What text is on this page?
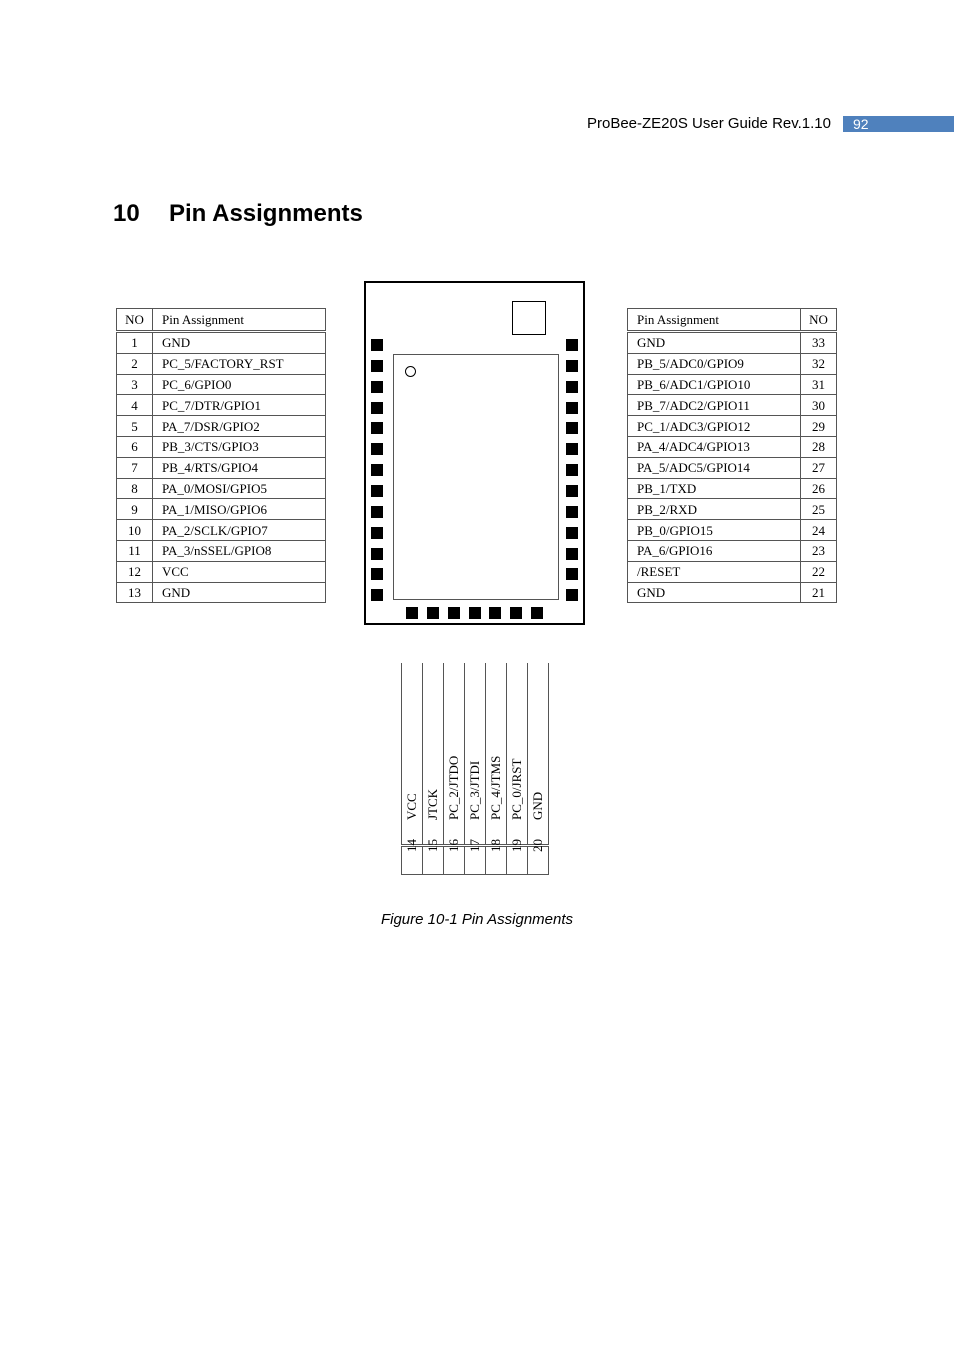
ProBee-ZE20S User Guide Rev.1.10	92
10 Pin Assignments
NO	Pin Assignment
1	GND
2	PC_5/FACTORY_RST
3	PC_6/GPIO0
4	PC_7/DTR/GPIO1
5	PA_7/DSR/GPIO2
6	PB_3/CTS/GPIO3
7	PB_4/RTS/GPIO4
8	PA_0/MOSI/GPIO5
9	PA_1/MISO/GPIO6
10	PA_2/SCLK/GPIO7
11	PA_3/nSSEL/GPIO8
12	VCC
13	GND
Pin Assignment	NO
GND	33
PB_5/ADC0/GPIO9	32
PB_6/ADC1/GPIO10	31
PB_7/ADC2/GPIO11	30
PC_1/ADC3/GPIO12	29
PA_4/ADC4/GPIO13	28
PA_5/ADC5/GPIO14	27
PB_1/TXD	26
PB_2/RXD	25
PB_0/GPIO15	24
PA_6/GPIO16	23
/RESET	22
GND	21
VCC	JTCK	PC_2/JTDO	PC_3/JTDI	PC_4/JTMS	PC_0/JRST	GND

14	15	16	17	18	19	20
Figure 10-1 Pin Assignments
